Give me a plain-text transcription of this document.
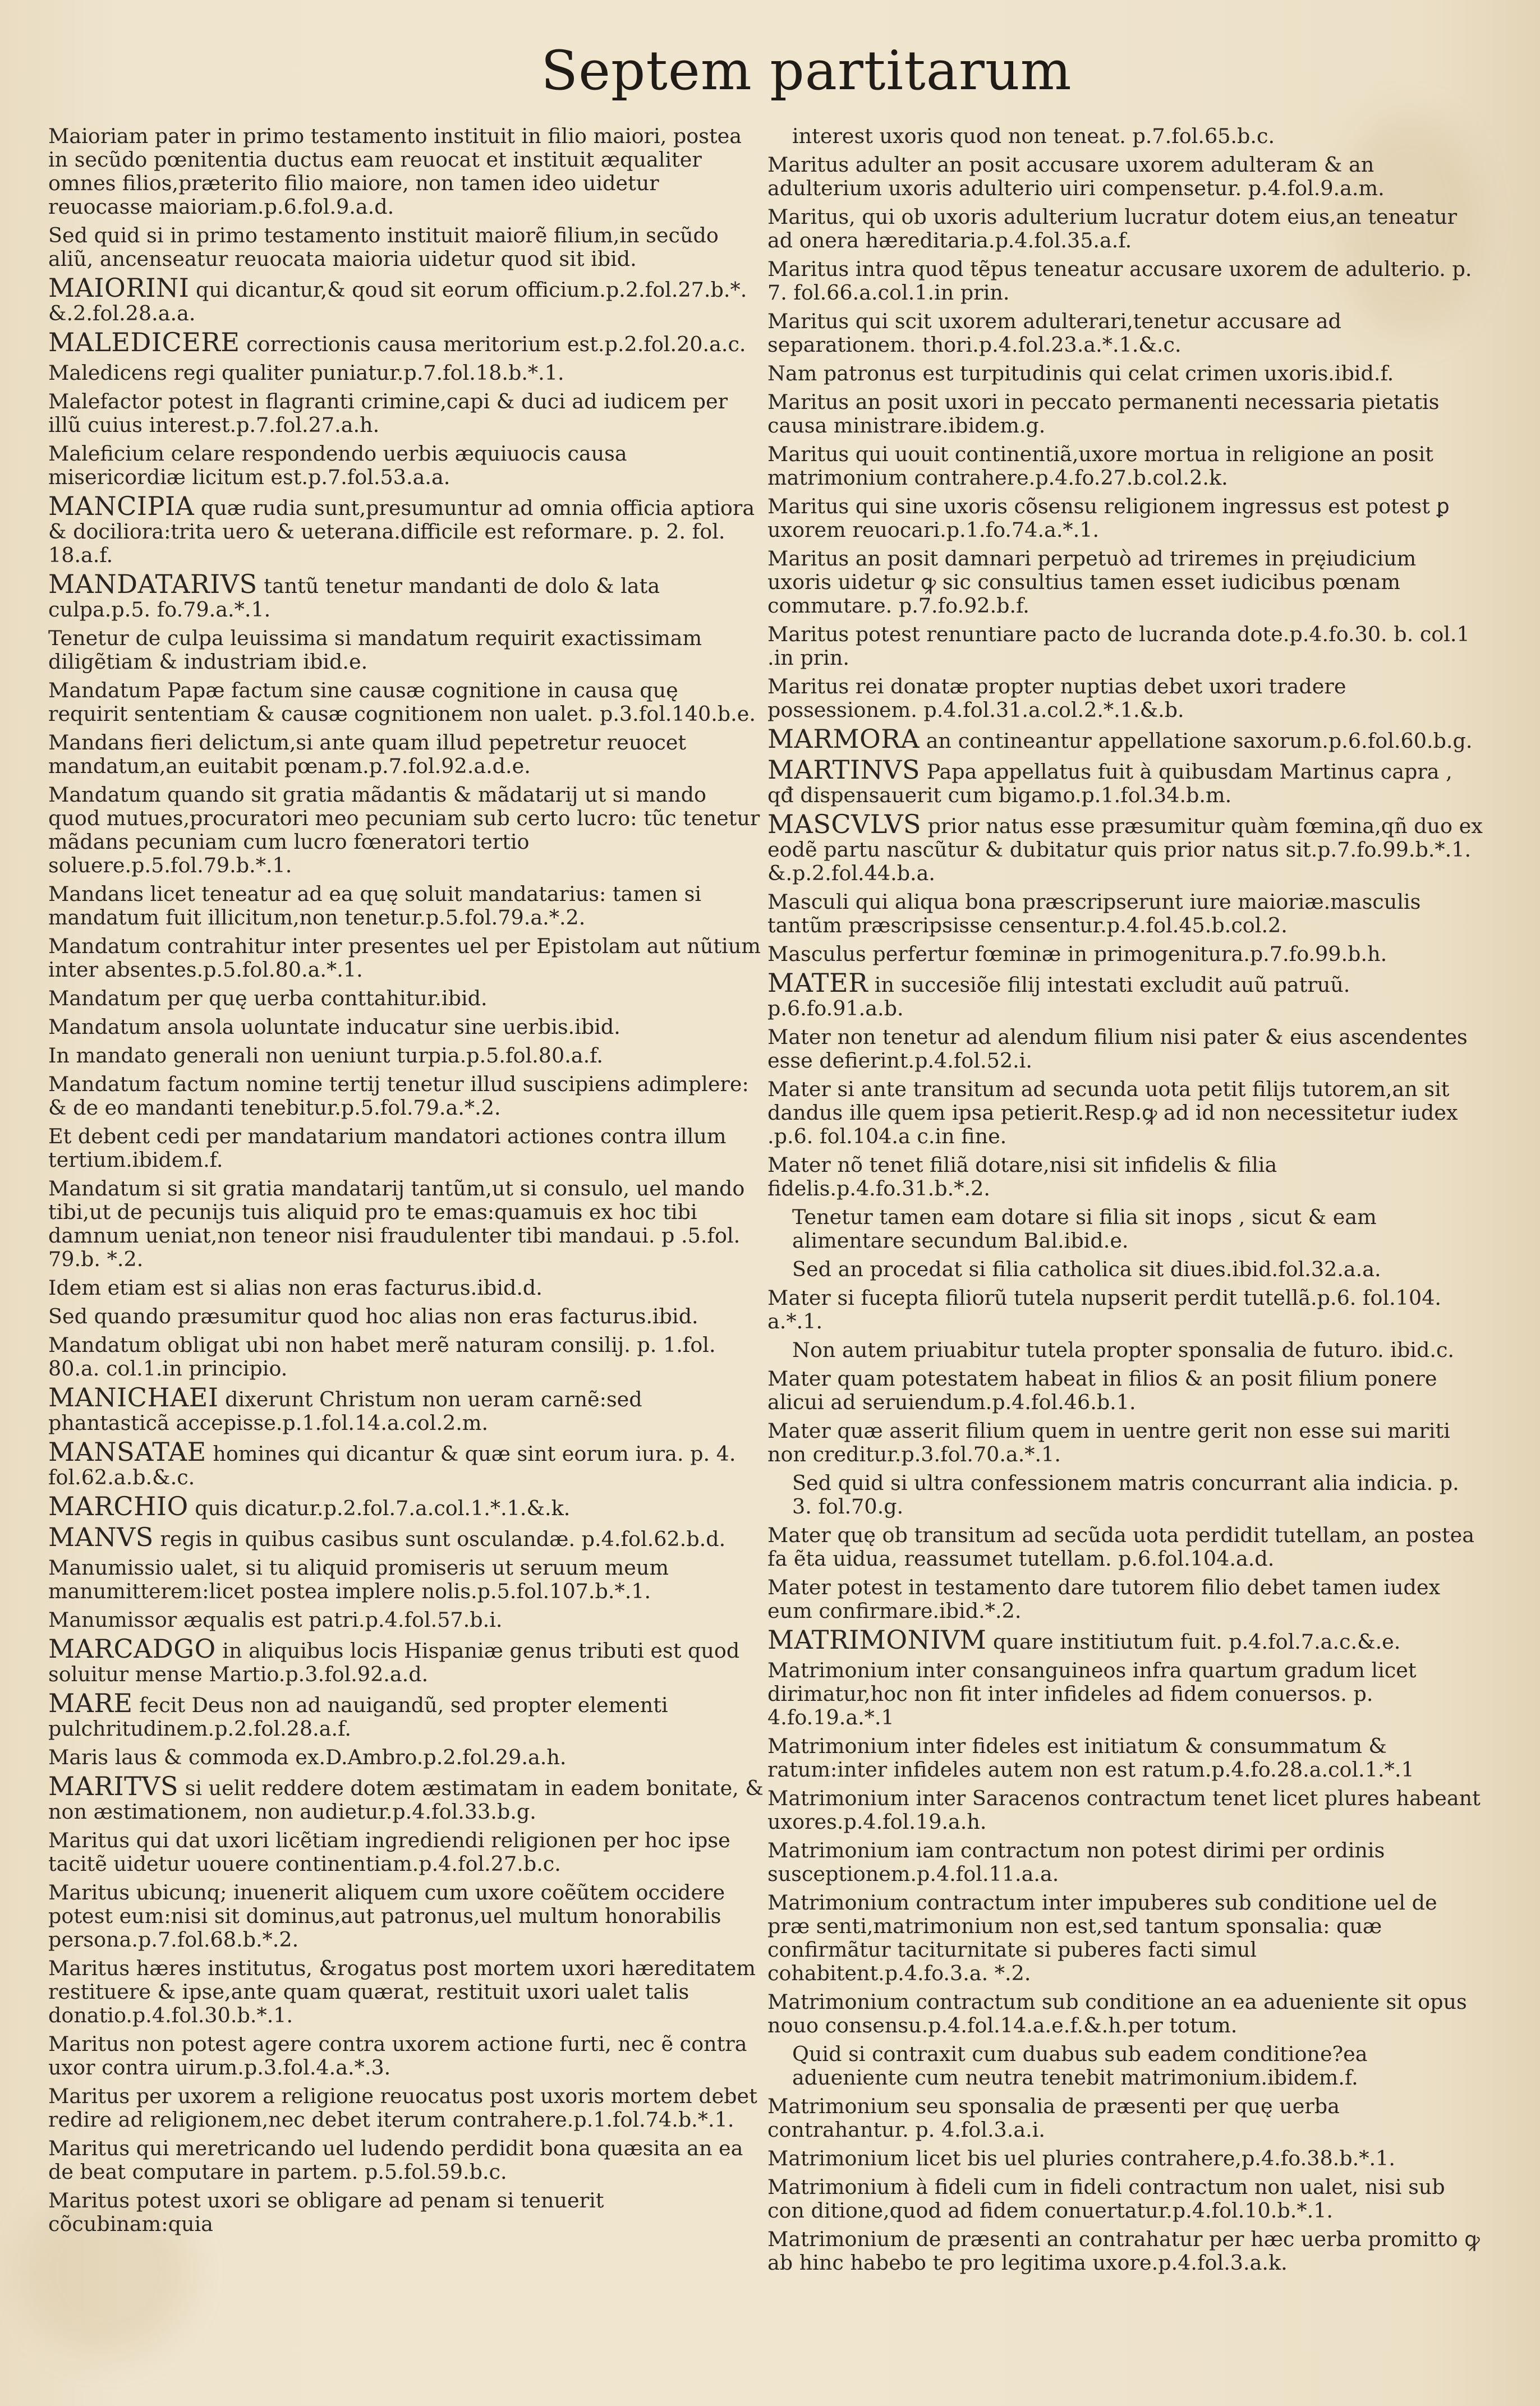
Septem partitarum
Maioriam pater in primo testamento instituit in filio maiori, postea in secũdo pœnitentia ductus eam reuocat et instituit æqualiter omnes filios,præterito filio maiore, non tamen ideo uidetur reuocasse maioriam.p.6.fol.9.a.d.
Sed quid si in primo testamento instituit maiorẽ filium,in secũdo aliũ, ancenseatur reuocata maioria uidetur quod sit ibid.
MAIORINI qui dicantur,& qoud sit eorum officium.p.2.fol.27.b.*. &.2.fol.28.a.a.
MALEDICERE correctionis causa meritorium est.p.2.fol.20.a.c.
Maledicens regi qualiter puniatur.p.7.fol.18.b.*.1.
Malefactor potest in flagranti crimine,capi & duci ad iudicem per illũ cuius interest.p.7.fol.27.a.h.
Maleficium celare respondendo uerbis æquiuocis causa misericordiæ licitum est.p.7.fol.53.a.a.
MANCIPIA quæ rudia sunt,presumuntur ad omnia officia aptiora & dociliora:trita uero & ueterana.difficile est reformare. p. 2. fol. 18.a.f.
MANDATARIVS tantũ tenetur mandanti de dolo & lata culpa.p.5. fo.79.a.*.1.
Tenetur de culpa leuissima si mandatum requirit exactissimam diligẽtiam & industriam ibid.e.
Mandatum Papæ factum sine causæ cognitione in causa quę requirit sententiam & causæ cognitionem non ualet. p.3.fol.140.b.e.
Mandans fieri delictum,si ante quam illud pepetretur reuocet mandatum,an euitabit pœnam.p.7.fol.92.a.d.e.
Mandatum quando sit gratia mãdantis & mãdatarij ut si mando quod mutues,procuratori meo pecuniam sub certo lucro: tũc tenetur mãdans pecuniam cum lucro fœneratori tertio soluere.p.5.fol.79.b.*.1.
Mandans licet teneatur ad ea quę soluit mandatarius: tamen si mandatum fuit illicitum,non tenetur.p.5.fol.79.a.*.2.
Mandatum contrahitur inter presentes uel per Epistolam aut nũtium inter absentes.p.5.fol.80.a.*.1.
Mandatum per quę uerba conttahitur.ibid.
Mandatum ansola uoluntate inducatur sine uerbis.ibid.
In mandato generali non ueniunt turpia.p.5.fol.80.a.f.
Mandatum factum nomine tertij tenetur illud suscipiens adimplere: & de eo mandanti tenebitur.p.5.fol.79.a.*.2.
Et debent cedi per mandatarium mandatori actiones contra illum tertium.ibidem.f.
Mandatum si sit gratia mandatarij tantũm,ut si consulo, uel mando tibi,ut de pecunijs tuis aliquid pro te emas:quamuis ex hoc tibi damnum ueniat,non teneor nisi fraudulenter tibi mandaui. p .5.fol. 79.b. *.2.
Idem etiam est si alias non eras facturus.ibid.d.
Sed quando præsumitur quod hoc alias non eras facturus.ibid.
Mandatum obligat ubi non habet merẽ naturam consilij. p. 1.fol. 80.a. col.1.in principio.
MANICHAEI dixerunt Christum non ueram carnẽ:sed phantasticã accepisse.p.1.fol.14.a.col.2.m.
MANSATAE homines qui dicantur & quæ sint eorum iura. p. 4. fol.62.a.b.&.c.
MARCHIO quis dicatur.p.2.fol.7.a.col.1.*.1.&.k.
MANVS regis in quibus casibus sunt osculandæ. p.4.fol.62.b.d.
Manumissio ualet, si tu aliquid promiseris ut seruum meum manumitterem:licet postea implere nolis.p.5.fol.107.b.*.1.
Manumissor æqualis est patri.p.4.fol.57.b.i.
MARCADGO in aliquibus locis Hispaniæ genus tributi est quod soluitur mense Martio.p.3.fol.92.a.d.
MARE fecit Deus non ad nauigandũ, sed propter elementi pulchritudinem.p.2.fol.28.a.f.
Maris laus & commoda ex.D.Ambro.p.2.fol.29.a.h.
MARITVS si uelit reddere dotem æstimatam in eadem bonitate, & non æstimationem, non audietur.p.4.fol.33.b.g.
Maritus qui dat uxori licẽtiam ingrediendi religionen per hoc ipse tacitẽ uidetur uouere continentiam.p.4.fol.27.b.c.
Maritus ubicunq; inuenerit aliquem cum uxore coẽũtem occidere potest eum:nisi sit dominus,aut patronus,uel multum honorabilis persona.p.7.fol.68.b.*.2.
Maritus hæres institutus, &rogatus post mortem uxori hæreditatem restituere & ipse,ante quam quærat, restituit uxori ualet talis donatio.p.4.fol.30.b.*.1.
Maritus non potest agere contra uxorem actione furti, nec ẽ contra uxor contra uirum.p.3.fol.4.a.*.3.
Maritus per uxorem a religione reuocatus post uxoris mortem debet redire ad religionem,nec debet iterum contrahere.p.1.fol.74.b.*.1.
Maritus qui meretricando uel ludendo perdidit bona quæsita an ea de beat computare in partem. p.5.fol.59.b.c.
Maritus potest uxori se obligare ad penam si tenuerit cõcubinam:quia
interest uxoris quod non teneat. p.7.fol.65.b.c.
Maritus adulter an posit accusare uxorem adulteram & an adulterium uxoris adulterio uiri compensetur. p.4.fol.9.a.m.
Maritus, qui ob uxoris adulterium lucratur dotem eius,an teneatur ad onera hæreditaria.p.4.fol.35.a.f.
Maritus intra quod tẽpus teneatur accusare uxorem de adulterio. p. 7. fol.66.a.col.1.in prin.
Maritus qui scit uxorem adulterari,tenetur accusare ad separationem. thori.p.4.fol.23.a.*.1.&.c.
Nam patronus est turpitudinis qui celat crimen uxoris.ibid.f.
Maritus an posit uxori in peccato permanenti necessaria pietatis causa ministrare.ibidem.g.
Maritus qui uouit continentiã,uxore mortua in religione an posit matrimonium contrahere.p.4.fo.27.b.col.2.k.
Maritus qui sine uxoris cõsensu religionem ingressus est potest ꝑ uxorem reuocari.p.1.fo.74.a.*.1.
Maritus an posit damnari perpetuò ad triremes in pręiudicium uxoris uidetur ꝙ sic consultius tamen esset iudicibus pœnam commutare. p.7.fo.92.b.f.
Maritus potest renuntiare pacto de lucranda dote.p.4.fo.30. b. col.1 .in prin.
Maritus rei donatæ propter nuptias debet uxori tradere possessionem. p.4.fol.31.a.col.2.*.1.&.b.
MARMORA an contineantur appellatione saxorum.p.6.fol.60.b.g.
MARTINVS Papa appellatus fuit à quibusdam Martinus capra , qđ dispensauerit cum bigamo.p.1.fol.34.b.m.
MASCVLVS prior natus esse præsumitur quàm fœmina,qñ duo ex eodẽ partu nascũtur & dubitatur quis prior natus sit.p.7.fo.99.b.*.1. &.p.2.fol.44.b.a.
Masculi qui aliqua bona præscripserunt iure maioriæ.masculis tantũm præscripsisse censentur.p.4.fol.45.b.col.2.
Masculus perfertur fœminæ in primogenitura.p.7.fo.99.b.h.
MATER in succesiõe filij intestati excludit auũ patruũ. p.6.fo.91.a.b.
Mater non tenetur ad alendum filium nisi pater & eius ascendentes esse defierint.p.4.fol.52.i.
Mater si ante transitum ad secunda uota petit filijs tutorem,an sit dandus ille quem ipsa petierit.Resp.ꝙ ad id non necessitetur iudex .p.6. fol.104.a c.in fine.
Mater nõ tenet filiã dotare,nisi sit infidelis & filia fidelis.p.4.fo.31.b.*.2.
Tenetur tamen eam dotare si filia sit inops , sicut & eam alimentare secundum Bal.ibid.e.
Sed an procedat si filia catholica sit diues.ibid.fol.32.a.a.
Mater si fucepta filiorũ tutela nupserit perdit tutellã.p.6. fol.104. a.*.1.
Non autem priuabitur tutela propter sponsalia de futuro. ibid.c.
Mater quam potestatem habeat in filios & an posit filium ponere alicui ad seruiendum.p.4.fol.46.b.1.
Mater quæ asserit filium quem in uentre gerit non esse sui mariti non creditur.p.3.fol.70.a.*.1.
Sed quid si ultra confessionem matris concurrant alia indicia. p. 3. fol.70.g.
Mater quę ob transitum ad secũda uota perdidit tutellam, an postea fa ẽta uidua, reassumet tutellam. p.6.fol.104.a.d.
Mater potest in testamento dare tutorem filio debet tamen iudex eum confirmare.ibid.*.2.
MATRIMONIVM quare institiutum fuit. p.4.fol.7.a.c.&.e.
Matrimonium inter consanguineos infra quartum gradum licet dirimatur,hoc non fit inter infideles ad fidem conuersos. p. 4.fo.19.a.*.1
Matrimonium inter fideles est initiatum & consummatum & ratum:inter infideles autem non est ratum.p.4.fo.28.a.col.1.*.1
Matrimonium inter Saracenos contractum tenet licet plures habeant uxores.p.4.fol.19.a.h.
Matrimonium iam contractum non potest dirimi per ordinis susceptionem.p.4.fol.11.a.a.
Matrimonium contractum inter impuberes sub conditione uel de præ senti,matrimonium non est,sed tantum sponsalia: quæ confirmãtur taciturnitate si puberes facti simul cohabitent.p.4.fo.3.a. *.2.
Matrimonium contractum sub conditione an ea adueniente sit opus nouo consensu.p.4.fol.14.a.e.f.&.h.per totum.
Quid si contraxit cum duabus sub eadem conditione?ea adueniente cum neutra tenebit matrimonium.ibidem.f.
Matrimonium seu sponsalia de præsenti per quę uerba contrahantur. p. 4.fol.3.a.i.
Matrimonium licet bis uel pluries contrahere,p.4.fo.38.b.*.1.
Matrimonium à fideli cum in fideli contractum non ualet, nisi sub con ditione,quod ad fidem conuertatur.p.4.fol.10.b.*.1.
Matrimonium de præsenti an contrahatur per hæc uerba promitto ꝙ ab hinc habebo te pro legitima uxore.p.4.fol.3.a.k.
